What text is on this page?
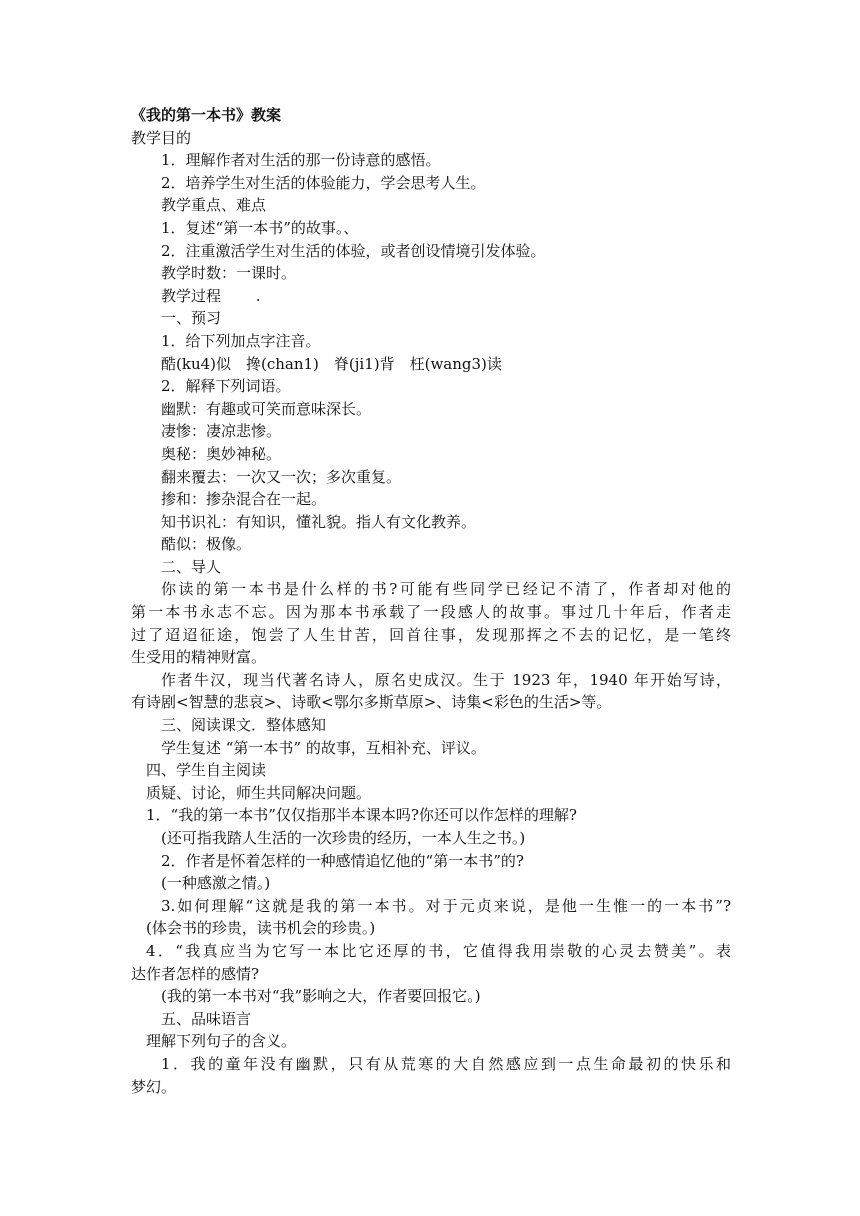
《我的第一本书》教案
教学目的
1．理解作者对生活的那一份诗意的感悟。
2．培养学生对生活的体验能力，学会思考人生。
教学重点、难点
1．复述“第一本书”的故事。、
2．注重激活学生对生活的体验，或者创设情境引发体验。
教学时数：一课时。
教学过程 　　.
一、预习
1．给下列加点字注音。
酷(ku4)似　搀(chan1)　脊(ji1)背　枉(wang3)读
2．解释下列词语。
幽默：有趣或可笑而意味深长。
凄惨：凄凉悲惨。
奥秘：奥妙神秘。
翻来覆去：一次又一次；多次重复。
掺和：掺杂混合在一起。
知书识礼：有知识，懂礼貌。指人有文化教养。
酷似：极像。
二、导人
你读的第一本书是什么样的书?可能有些同学已经记不清了，作者却对他的
第一本书永志不忘。因为那本书承载了一段感人的故事。事过几十年后，作者走
过了迢迢征途，饱尝了人生甘苦，回首往事，发现那挥之不去的记忆，是一笔终
生受用的精神财富。
作者牛汉，现当代著名诗人，原名史成汉。生于 1923 年，1940 年开始写诗，
有诗剧<智慧的悲哀>、诗歌<鄂尔多斯草原>、诗集<彩色的生活>等。
三、阅读课文．整体感知
学生复述 “第一本书” 的故事，互相补充、评议。
四、学生自主阅读
质疑、讨论，师生共同解决问题。
1．“我的第一本书”仅仅指那半本课本吗?你还可以作怎样的理解?
(还可指我踏人生活的一次珍贵的经历，一本人生之书。)
2．作者是怀着怎样的一种感情追忆他的“第一本书”的?
(一种感激之情。)
3.如何理解“这就是我的第一本书。对于元贞来说，是他一生惟一的一本书”?
(体会书的珍贵，读书机会的珍贵。)
4．“我真应当为它写一本比它还厚的书，它值得我用崇敬的心灵去赞美”。表
达作者怎样的感情?
(我的第一本书对“我”影响之大，作者要回报它。)
五、品味语言
理解下列句子的含义。
1．我的童年没有幽默，只有从荒寒的大自然感应到一点生命最初的快乐和
梦幻。
